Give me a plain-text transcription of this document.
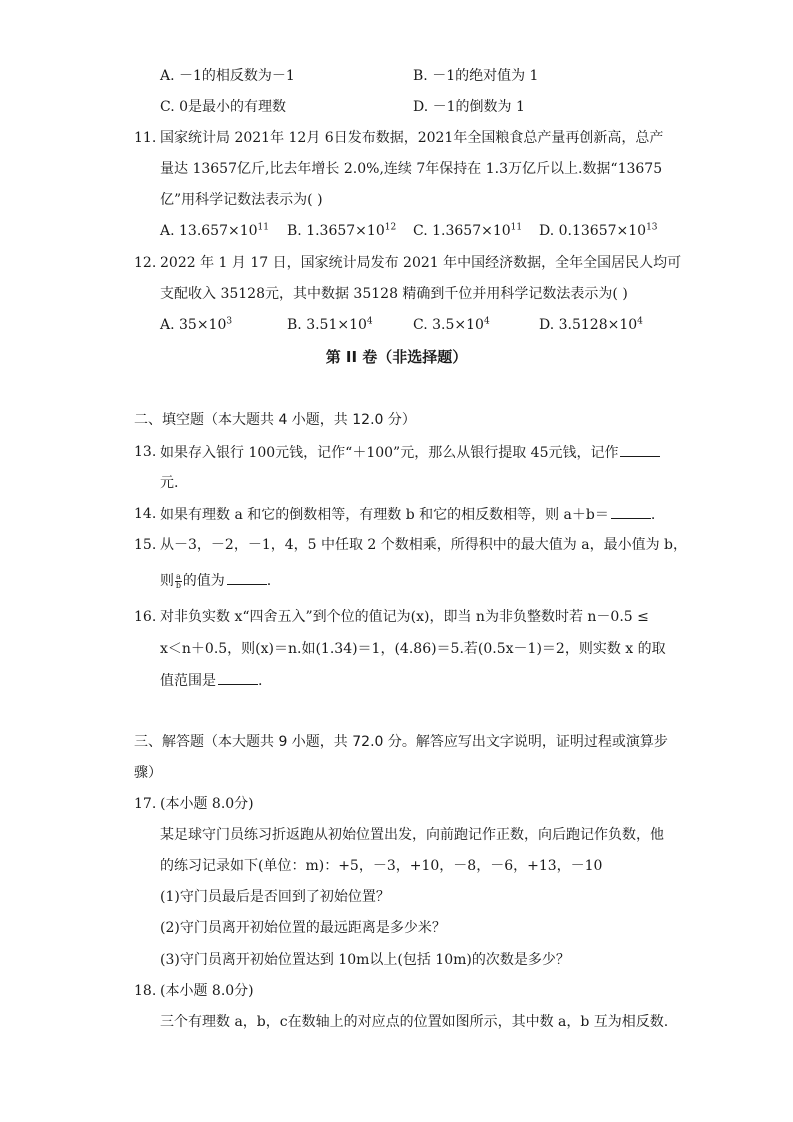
A. －1的相反数为－1	B. －1的绝对值为 1
C. 0是最小的有理数	D. －1的倒数为 1
11. 国家统计局 2021年 12月 6日发布数据，2021年全国粮食总产量再创新高，总产
量达 13657亿斤,比去年增长 2.0%,连续 7年保持在 1.3万亿斤以上.数据“13675
亿”用科学记数法表示为( )
A. $13.657\times 10^{11}$ B. $1.3657\times 10^{12}$ C. $1.3657\times 10^{11}$ D. $0.13657\times 10^{13}$
12. 2022 年 1 月 17 日，国家统计局发布 2021 年中国经济数据，全年全国居民人均可
支配收入 35128元，其中数据 35128 精确到千位并用科学记数法表示为( )
A. $35\times 10^3$	B. $3.51\times 10^4$	C. $3.5\times 10^4$	D. $3.5128\times 10^4$
第 II 卷（非选择题）
二、填空题（本大题共 4 小题，共 12.0 分）
13. 如果存入银行 100元钱，记作“＋100”元，那么从银行提取 45元钱，记作
元.
14. 如果有理数 a 和它的倒数相等，有理数 b 和它的相反数相等，则 a＋b＝	.
15. 从－3，－2，－1，4，5 中任取 2 个数相乘，所得积中的最大值为 a，最小值为 b，
则 $\frac{a}{b}$ 的值为	.
16. 对非负实数 x“四舍五入”到个位的值记为(x)，即当 n为非负整数时若 n－0.5 ≤
x＜n＋0.5，则(x)＝n.如(1.34)＝1，(4.86)＝5.若(0.5x－1)＝2，则实数 x 的取
值范围是	.
三、解答题（本大题共 9 小题，共 72.0 分。解答应写出文字说明，证明过程或演算步
骤）
17. (本小题 8.0分)
某足球守门员练习折返跑从初始位置出发，向前跑记作正数，向后跑记作负数，他
的练习记录如下(单位：m)：+5，－3，+10，－8，－6，+13，－10
(1)守门员最后是否回到了初始位置？
(2)守门员离开初始位置的最远距离是多少米？
(3)守门员离开初始位置达到 10m以上(包括 10m)的次数是多少？
18. (本小题 8.0分)
三个有理数 a，b，c在数轴上的对应点的位置如图所示，其中数 a，b 互为相反数.
